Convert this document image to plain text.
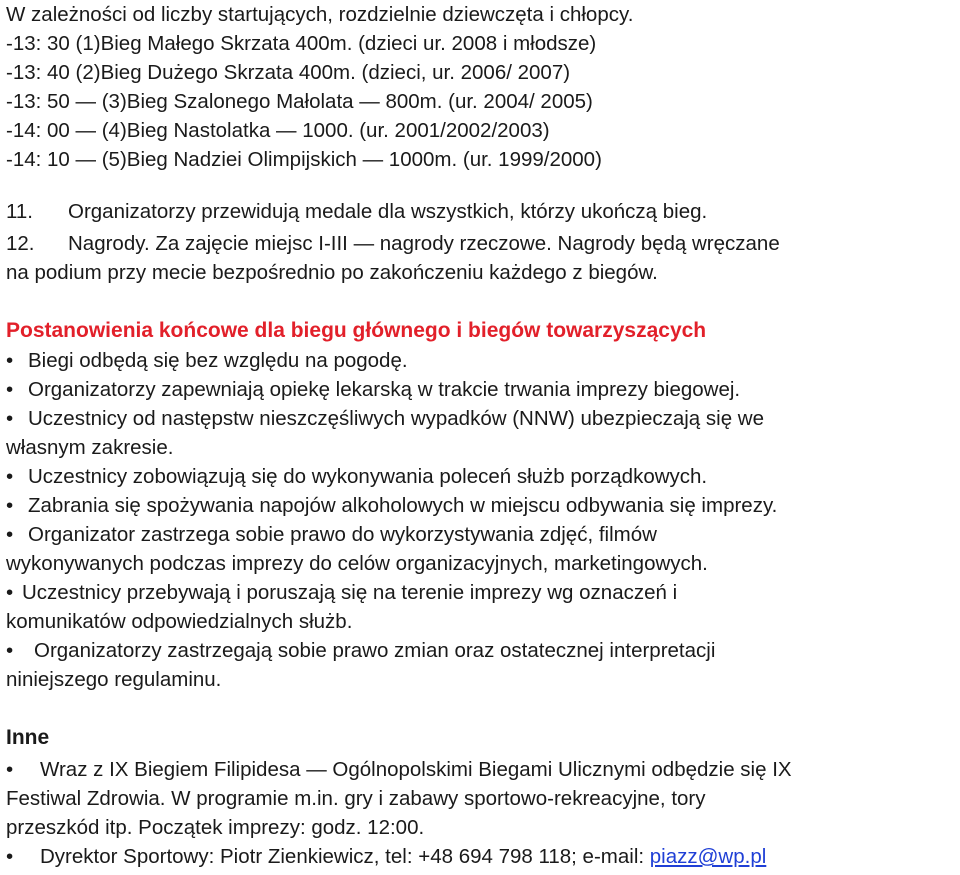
W zależności od liczby startujących, rozdzielnie dziewczęta i chłopcy.
-13: 30 (1)Bieg Małego Skrzata 400m. (dzieci ur. 2008 i młodsze)
-13: 40 (2)Bieg Dużego Skrzata 400m. (dzieci, ur. 2006/ 2007)
-13: 50 — (3)Bieg Szalonego Małolata — 800m. (ur. 2004/ 2005)
-14: 00 — (4)Bieg Nastolatka — 1000. (ur. 2001/2002/2003)
-14: 10 — (5)Bieg Nadziei Olimpijskich — 1000m. (ur. 1999/2000)
11. Organizatorzy przewidują medale dla wszystkich, którzy ukończą bieg.
12. Nagrody. Za zajęcie miejsc I-III — nagrody rzeczowe. Nagrody będą wręczane
na podium przy mecie bezpośrednio po zakończeniu każdego z biegów.
Postanowienia końcowe dla biegu głównego i biegów towarzyszących
• Biegi odbędą się bez względu na pogodę.
• Organizatorzy zapewniają opiekę lekarską w trakcie trwania imprezy biegowej.
• Uczestnicy od następstw nieszczęśliwych wypadków (NNW) ubezpieczają się we
własnym zakresie.
• Uczestnicy zobowiązują się do wykonywania poleceń służb porządkowych.
• Zabrania się spożywania napojów alkoholowych w miejscu odbywania się imprezy.
• Organizator zastrzega sobie prawo do wykorzystywania zdjęć, filmów
wykonywanych podczas imprezy do celów organizacyjnych, marketingowych.
• Uczestnicy przebywają i poruszają się na terenie imprezy wg oznaczeń i
komunikatów odpowiedzialnych służb.
• Organizatorzy zastrzegają sobie prawo zmian oraz ostatecznej interpretacji
niniejszego regulaminu.
Inne
• Wraz z IX Biegiem Filipidesa — Ogólnopolskimi Biegami Ulicznymi odbędzie się IX
Festiwal Zdrowia. W programie m.in. gry i zabawy sportowo-rekreacyjne, tory
przeszkód itp. Początek imprezy: godz. 12:00.
• Dyrektor Sportowy: Piotr Zienkiewicz, tel: +48 694 798 118; e-mail: piazz@wp.pl
